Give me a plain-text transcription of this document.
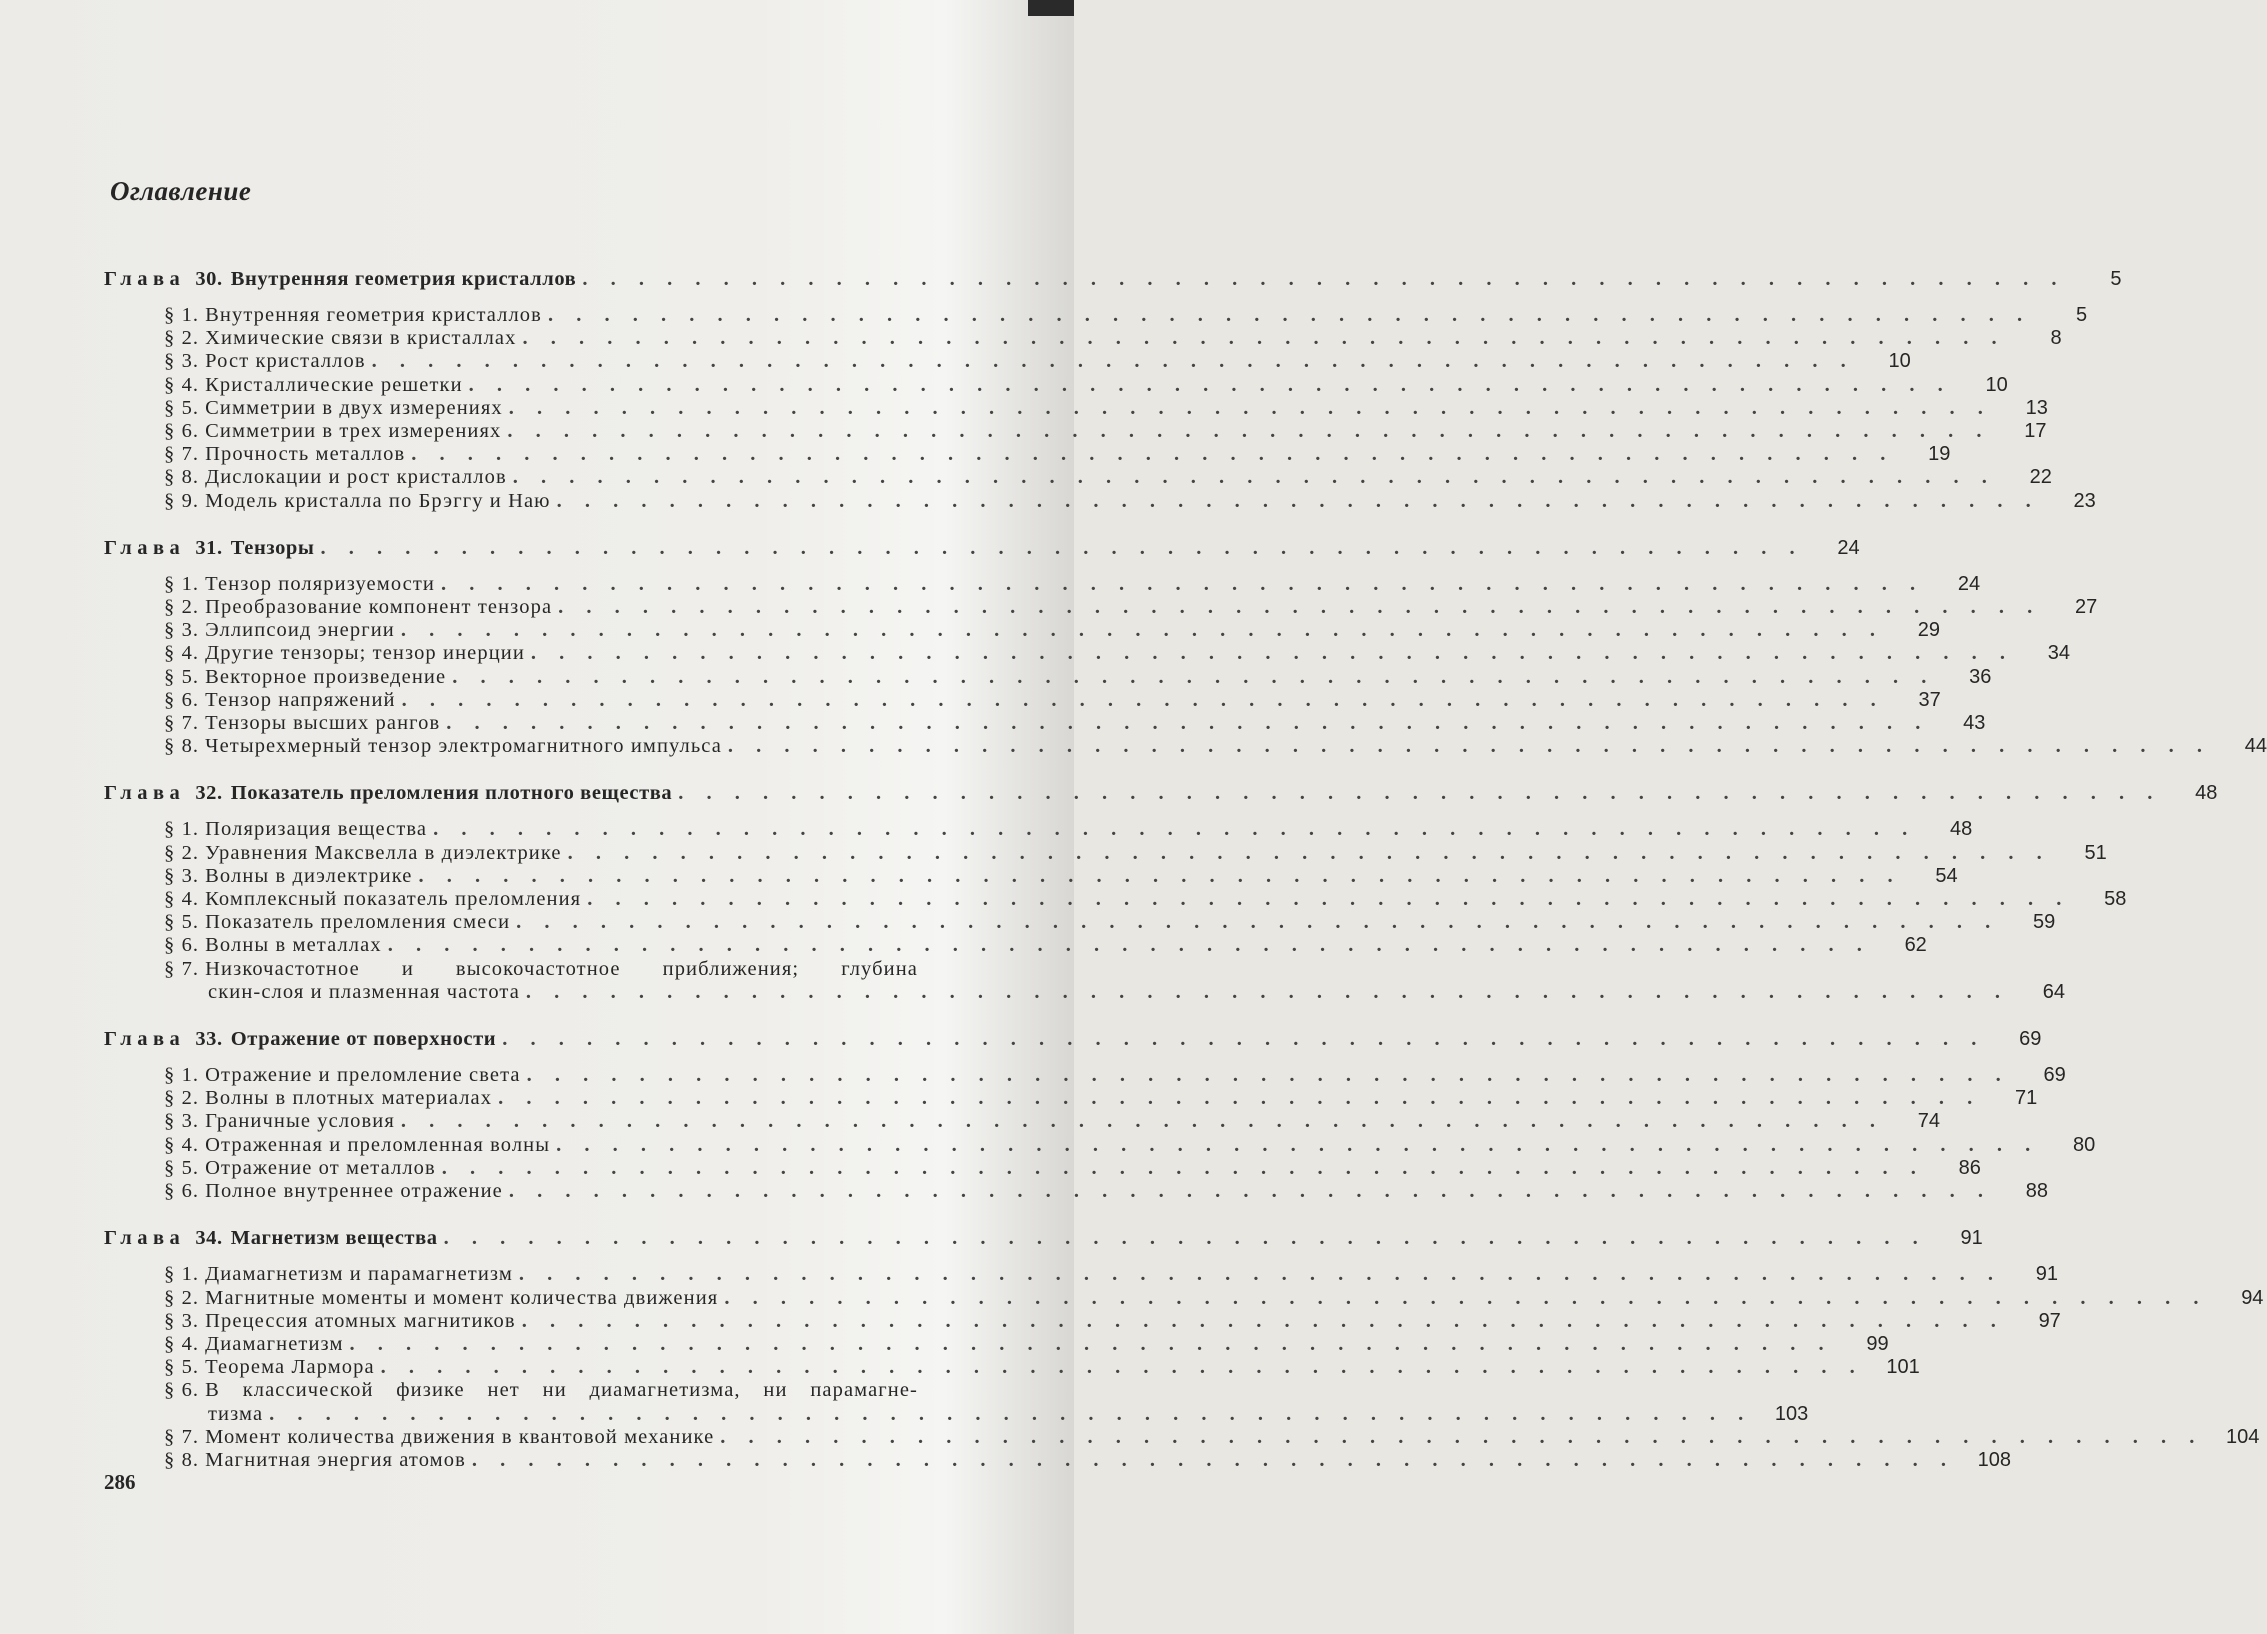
Оглавление
Глава 30. Внутренняя геометрия кристаллов . . . . . . . . . . . . . . . . . . . . . . . . . . . . . . . . . . . . . . . . . . . . . . . . . . . . .	5
§ 1. Внутренняя геометрия кристаллов . . . . . . . . . . . . . . . . . . . . . . . . . . . . . . . . . . . . . . . . . . . . . . . . . . . . .	5
§ 2. Химические связи в кристаллах . . . . . . . . . . . . . . . . . . . . . . . . . . . . . . . . . . . . . . . . . . . . . . . . . . . . .	8
§ 3. Рост кристаллов . . . . . . . . . . . . . . . . . . . . . . . . . . . . . . . . . . . . . . . . . . . . . . . . . . . . .	10
§ 4. Кристаллические решетки . . . . . . . . . . . . . . . . . . . . . . . . . . . . . . . . . . . . . . . . . . . . . . . . . . . . .	10
§ 5. Симметрии в двух измерениях . . . . . . . . . . . . . . . . . . . . . . . . . . . . . . . . . . . . . . . . . . . . . . . . . . . . .	13
§ 6. Симметрии в трех измерениях . . . . . . . . . . . . . . . . . . . . . . . . . . . . . . . . . . . . . . . . . . . . . . . . . . . . .	17
§ 7. Прочность металлов . . . . . . . . . . . . . . . . . . . . . . . . . . . . . . . . . . . . . . . . . . . . . . . . . . . . .	19
§ 8. Дислокации и рост кристаллов . . . . . . . . . . . . . . . . . . . . . . . . . . . . . . . . . . . . . . . . . . . . . . . . . . . . .	22
§ 9. Модель кристалла по Брэггу и Наю . . . . . . . . . . . . . . . . . . . . . . . . . . . . . . . . . . . . . . . . . . . . . . . . . . . . .	23
Глава 31. Тензоры . . . . . . . . . . . . . . . . . . . . . . . . . . . . . . . . . . . . . . . . . . . . . . . . . . . . .	24
§ 1. Тензор поляризуемости . . . . . . . . . . . . . . . . . . . . . . . . . . . . . . . . . . . . . . . . . . . . . . . . . . . . .	24
§ 2. Преобразование компонент тензора . . . . . . . . . . . . . . . . . . . . . . . . . . . . . . . . . . . . . . . . . . . . . . . . . . . . .	27
§ 3. Эллипсоид энергии . . . . . . . . . . . . . . . . . . . . . . . . . . . . . . . . . . . . . . . . . . . . . . . . . . . . .	29
§ 4. Другие тензоры; тензор инерции . . . . . . . . . . . . . . . . . . . . . . . . . . . . . . . . . . . . . . . . . . . . . . . . . . . . .	34
§ 5. Векторное произведение . . . . . . . . . . . . . . . . . . . . . . . . . . . . . . . . . . . . . . . . . . . . . . . . . . . . .	36
§ 6. Тензор напряжений . . . . . . . . . . . . . . . . . . . . . . . . . . . . . . . . . . . . . . . . . . . . . . . . . . . . .	37
§ 7. Тензоры высших рангов . . . . . . . . . . . . . . . . . . . . . . . . . . . . . . . . . . . . . . . . . . . . . . . . . . . . .	43
§ 8. Четырехмерный тензор электромагнитного импульса . . . . . . . . . . . . . . . . . . . . . . . . . . . . . . . . . . . . . . . . . . . . . . . . . . . . .	44
Глава 32. Показатель преломления плотного вещества . . . . . . . . . . . . . . . . . . . . . . . . . . . . . . . . . . . . . . . . . . . . . . . . . . . . .	48
§ 1. Поляризация вещества . . . . . . . . . . . . . . . . . . . . . . . . . . . . . . . . . . . . . . . . . . . . . . . . . . . . .	48
§ 2. Уравнения Максвелла в диэлектрике . . . . . . . . . . . . . . . . . . . . . . . . . . . . . . . . . . . . . . . . . . . . . . . . . . . . .	51
§ 3. Волны в диэлектрике . . . . . . . . . . . . . . . . . . . . . . . . . . . . . . . . . . . . . . . . . . . . . . . . . . . . .	54
§ 4. Комплексный показатель преломления . . . . . . . . . . . . . . . . . . . . . . . . . . . . . . . . . . . . . . . . . . . . . . . . . . . . .	58
§ 5. Показатель преломления смеси . . . . . . . . . . . . . . . . . . . . . . . . . . . . . . . . . . . . . . . . . . . . . . . . . . . . .	59
§ 6. Волны в металлах . . . . . . . . . . . . . . . . . . . . . . . . . . . . . . . . . . . . . . . . . . . . . . . . . . . . .	62
§ 7. Низкочастотное и высокочастотное приближения; глубина
скин-слоя и плазменная частота . . . . . . . . . . . . . . . . . . . . . . . . . . . . . . . . . . . . . . . . . . . . . . . . . . . . .	64
Глава 33. Отражение от поверхности . . . . . . . . . . . . . . . . . . . . . . . . . . . . . . . . . . . . . . . . . . . . . . . . . . . . .	69
§ 1. Отражение и преломление света . . . . . . . . . . . . . . . . . . . . . . . . . . . . . . . . . . . . . . . . . . . . . . . . . . . . .	69
§ 2. Волны в плотных материалах . . . . . . . . . . . . . . . . . . . . . . . . . . . . . . . . . . . . . . . . . . . . . . . . . . . . .	71
§ 3. Граничные условия . . . . . . . . . . . . . . . . . . . . . . . . . . . . . . . . . . . . . . . . . . . . . . . . . . . . .	74
§ 4. Отраженная и преломленная волны . . . . . . . . . . . . . . . . . . . . . . . . . . . . . . . . . . . . . . . . . . . . . . . . . . . . .	80
§ 5. Отражение от металлов . . . . . . . . . . . . . . . . . . . . . . . . . . . . . . . . . . . . . . . . . . . . . . . . . . . . .	86
§ 6. Полное внутреннее отражение . . . . . . . . . . . . . . . . . . . . . . . . . . . . . . . . . . . . . . . . . . . . . . . . . . . . .	88
Глава 34. Магнетизм вещества . . . . . . . . . . . . . . . . . . . . . . . . . . . . . . . . . . . . . . . . . . . . . . . . . . . . .	91
§ 1. Диамагнетизм и парамагнетизм . . . . . . . . . . . . . . . . . . . . . . . . . . . . . . . . . . . . . . . . . . . . . . . . . . . . .	91
§ 2. Магнитные моменты и момент количества движения . . . . . . . . . . . . . . . . . . . . . . . . . . . . . . . . . . . . . . . . . . . . . . . . . . . . .	94
§ 3. Прецессия атомных магнитиков . . . . . . . . . . . . . . . . . . . . . . . . . . . . . . . . . . . . . . . . . . . . . . . . . . . . .	97
§ 4. Диамагнетизм . . . . . . . . . . . . . . . . . . . . . . . . . . . . . . . . . . . . . . . . . . . . . . . . . . . . .	99
§ 5. Теорема Лармора . . . . . . . . . . . . . . . . . . . . . . . . . . . . . . . . . . . . . . . . . . . . . . . . . . . . .	101
§ 6. В классической физике нет ни диамагнетизма, ни парамагне-
тизма . . . . . . . . . . . . . . . . . . . . . . . . . . . . . . . . . . . . . . . . . . . . . . . . . . . . .	103
§ 7. Момент количества движения в квантовой механике . . . . . . . . . . . . . . . . . . . . . . . . . . . . . . . . . . . . . . . . . . . . . . . . . . . . .	104
§ 8. Магнитная энергия атомов . . . . . . . . . . . . . . . . . . . . . . . . . . . . . . . . . . . . . . . . . . . . . . . . . . . . .	108
286
